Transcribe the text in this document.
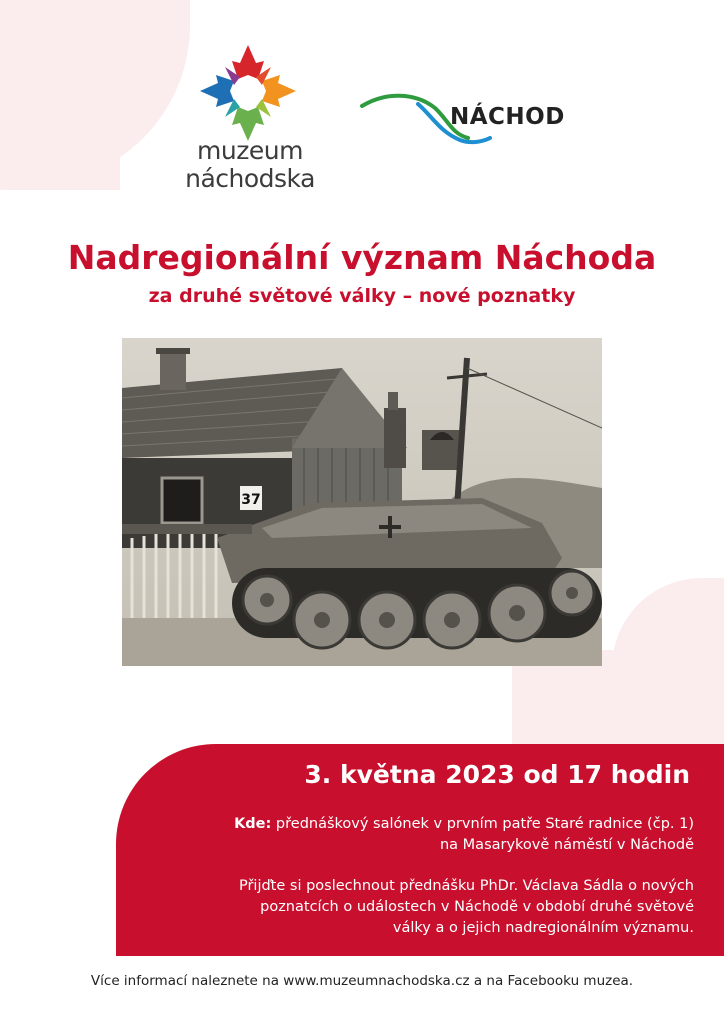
muzeum
náchodska
NÁCHOD
Nadregionální význam Náchoda
za druhé světové války – nové poznatky
37
3. května 2023 od 17 hodin
Kde: přednáškový salónek v prvním patře Staré radnice (čp. 1)
na Masarykově náměstí v Náchodě
Přijďte si poslechnout přednášku PhDr. Václava Sádla o nových
poznatcích o událostech v Náchodě v období druhé světové
války a o jejich nadregionálním významu.
Více informací naleznete na www.muzeumnachodska.cz a na Facebooku muzea.
